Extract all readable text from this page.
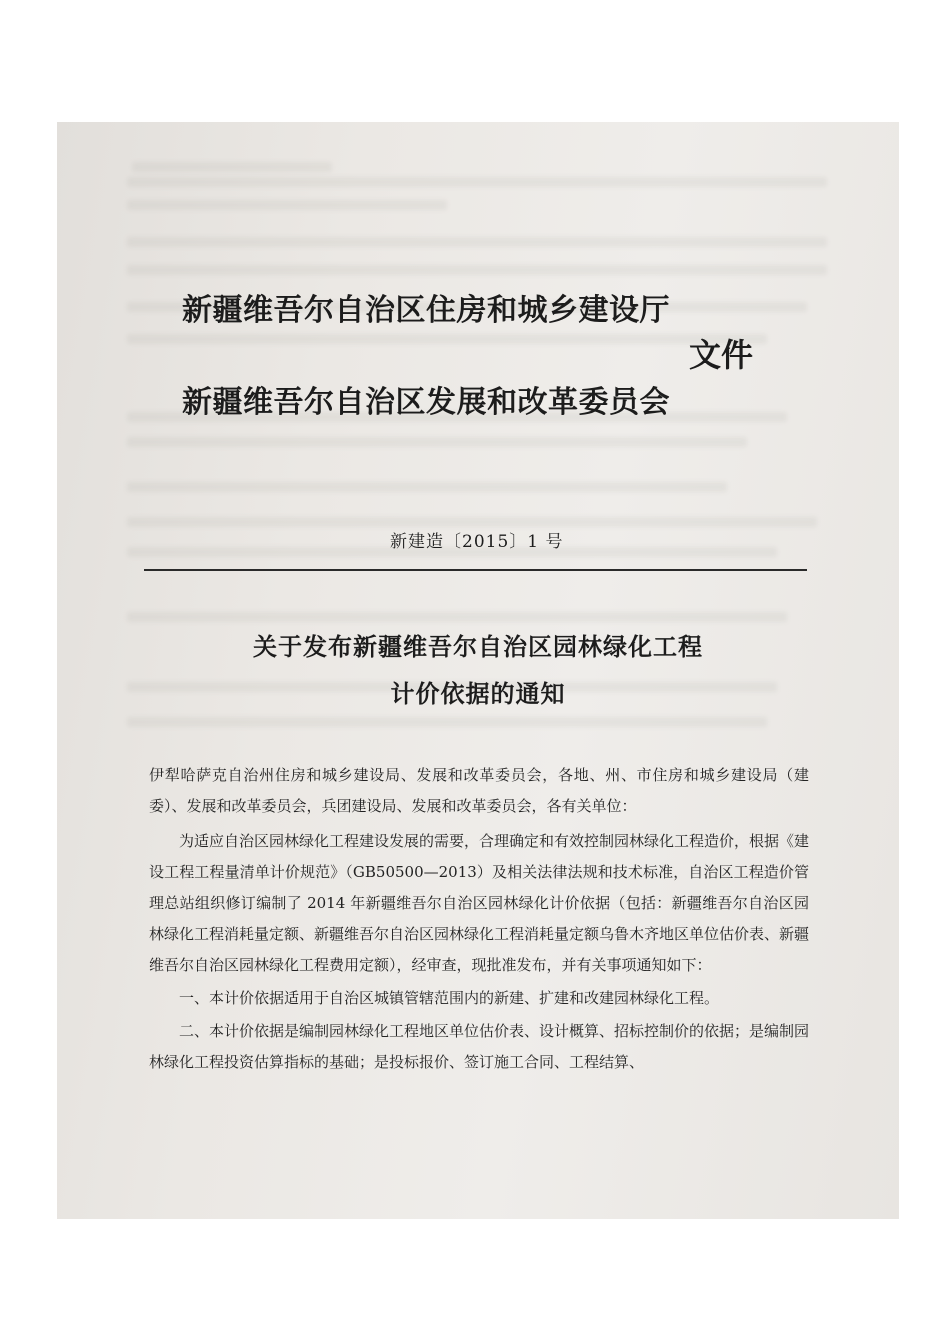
新疆维吾尔自治区住房和城乡建设厅
文件
新疆维吾尔自治区发展和改革委员会
新建造〔2015〕1 号
关于发布新疆维吾尔自治区园林绿化工程
计价依据的通知

伊犁哈萨克自治州住房和城乡建设局、发展和改革委员会，各地、州、市住房和城乡建设局（建委）、发展和改革委员会，兵团建设局、发展和改革委员会，各有关单位：

为适应自治区园林绿化工程建设发展的需要，合理确定和有效控制园林绿化工程造价，根据《建设工程工程量清单计价规范》（GB50500—2013）及相关法律法规和技术标准，自治区工程造价管理总站组织修订编制了 2014 年新疆维吾尔自治区园林绿化计价依据（包括：新疆维吾尔自治区园林绿化工程消耗量定额、新疆维吾尔自治区园林绿化工程消耗量定额乌鲁木齐地区单位估价表、新疆维吾尔自治区园林绿化工程费用定额），经审查，现批准发布，并有关事项通知如下：

一、本计价依据适用于自治区城镇管辖范围内的新建、扩建和改建园林绿化工程。

二、本计价依据是编制园林绿化工程地区单位估价表、设计概算、招标控制价的依据；是编制园林绿化工程投资估算指标的基础；是投标报价、签订施工合同、工程结算、
